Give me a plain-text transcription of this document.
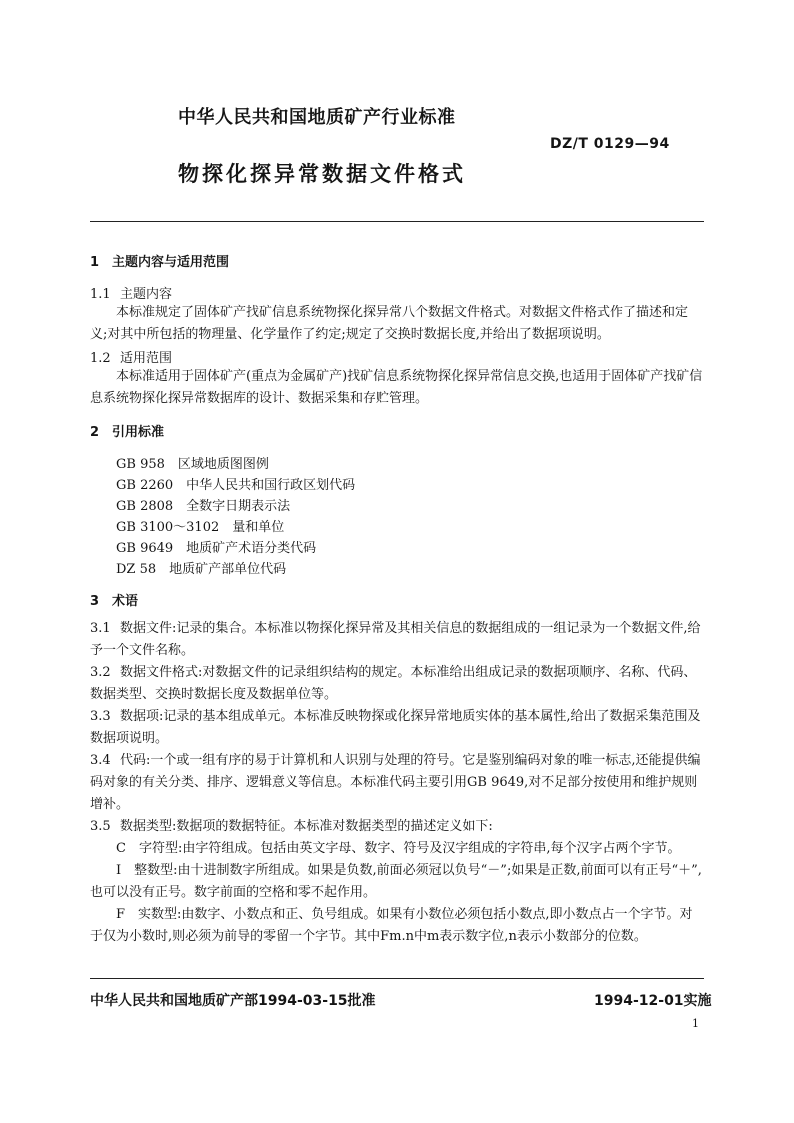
中华人民共和国地质矿产行业标准
DZ/T 0129—94
物探化探异常数据文件格式
1 主题内容与适用范围
1.1 主题内容
本标准规定了固体矿产找矿信息系统物探化探异常八个数据文件格式。对数据文件格式作了描述和定义;对其中所包括的物理量、化学量作了约定;规定了交换时数据长度,并给出了数据项说明。
1.2 适用范围
本标准适用于固体矿产(重点为金属矿产)找矿信息系统物探化探异常信息交换,也适用于固体矿产找矿信息系统物探化探异常数据库的设计、数据采集和存贮管理。
2 引用标准
GB 958　 区域地质图图例
GB 2260　 中华人民共和国行政区划代码
GB 2808　 全数字日期表示法
GB 3100～3102　 量和单位
GB 9649　 地质矿产术语分类代码
DZ 58　 地质矿产部单位代码
3 术语
3.1 数据文件:记录的集合。本标准以物探化探异常及其相关信息的数据组成的一组记录为一个数据文件,给予一个文件名称。
3.2 数据文件格式:对数据文件的记录组织结构的规定。本标准给出组成记录的数据项顺序、名称、代码、数据类型、交换时数据长度及数据单位等。
3.3 数据项:记录的基本组成单元。本标准反映物探或化探异常地质实体的基本属性,给出了数据采集范围及数据项说明。
3.4 代码:一个或一组有序的易于计算机和人识别与处理的符号。它是鉴别编码对象的唯一标志,还能提供编码对象的有关分类、排序、逻辑意义等信息。本标准代码主要引用GB 9649,对不足部分按使用和维护规则增补。
3.5 数据类型:数据项的数据特征。本标准对数据类型的描述定义如下:
C　字符型:由字符组成。包括由英文字母、数字、符号及汉字组成的字符串,每个汉字占两个字节。
I　整数型:由十进制数字所组成。如果是负数,前面必须冠以负号“－”;如果是正数,前面可以有正号“＋”,也可以没有正号。数字前面的空格和零不起作用。
F　实数型:由数字、小数点和正、负号组成。如果有小数位必须包括小数点,即小数点占一个字节。对于仅为小数时,则必须为前导的零留一个字节。其中Fm.n中m表示数字位,n表示小数部分的位数。
中华人民共和国地质矿产部1994-03-15批准	1994-12-01实施
1
